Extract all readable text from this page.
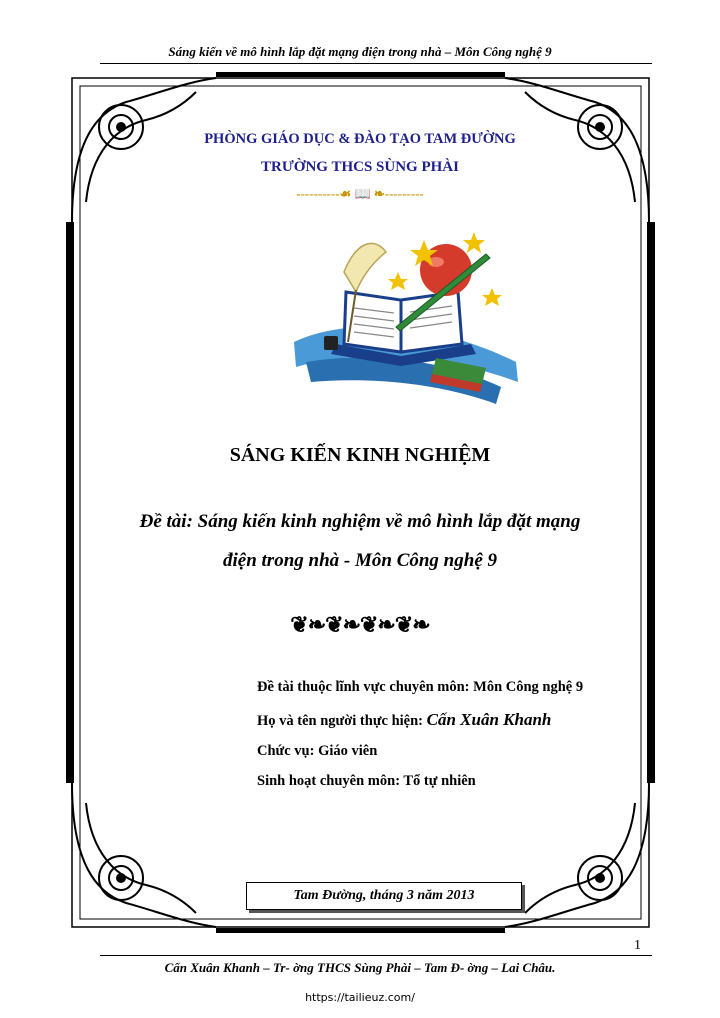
Sáng kiến về mô hình lắp đặt mạng điện trong nhà – Môn Công nghệ 9
PHÒNG GIÁO DỤC & ĐÀO TẠO TAM ĐƯỜNG
TRƯỜNG THCS SÙNG PHÀI
----------☙ 📖 ❧---------
SÁNG KIẾN KINH NGHIỆM
Đề tài: Sáng kiến kinh nghiệm về mô hình lắp đặt mạng
điện trong nhà - Môn Công nghệ 9
❦❧❦❧❦❧❦❧
Đề tài thuộc lĩnh vực chuyên môn: Môn Công nghệ 9
Họ và tên người thực hiện: Cấn Xuân Khanh
Chức vụ: Giáo viên
Sinh hoạt chuyên môn: Tổ tự nhiên
Tam Đường, tháng 3 năm 2013
1
Cấn Xuân Khanh – Tr- ờng THCS Sùng Phài – Tam Đ- ờng – Lai Châu.
https://tailieuz.com/
